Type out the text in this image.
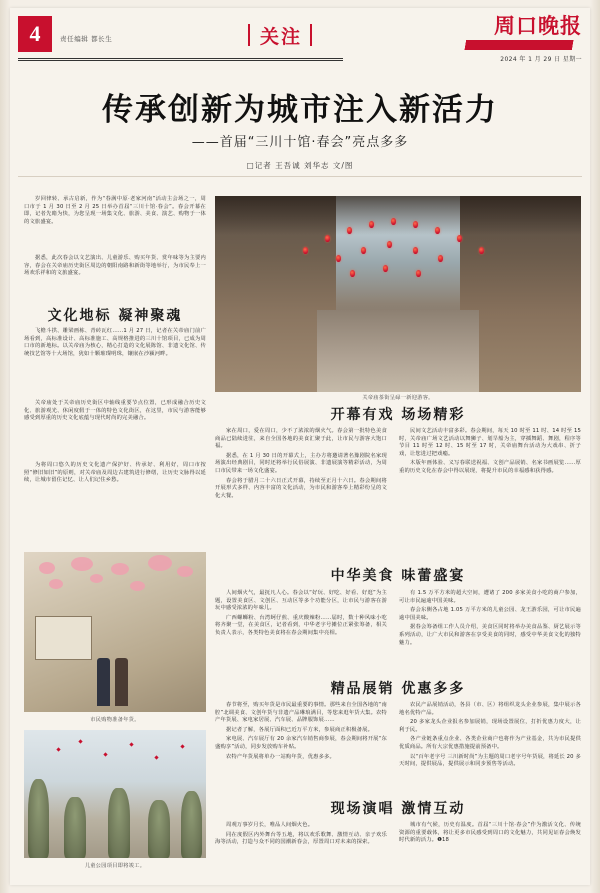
4	责任编辑 都长生	关注	周口晚报
2024 年 1 月 29 日 星期一
传承创新为城市注入新活力
——首届“三川十馆·春会”亮点多多
□记者 王吾诚 刘华志 文/图

岁回律转、承古启新，作为“春满中原·老家河南”活动主会场之一，周口市于 1 月 30 日至 2 月 25 日举办首届“三川十馆·春会”。春会开幕在即，记者先睹为快，为您呈现一场集文化、旅游、美食、演艺、购物于一体的文旅盛宴。

据悉，此次春会以文艺演出、儿童游乐、购买年货、赏年味等为主要内容，春会在关帝庙历史街区周边的朝阳南路和新街等地举行，为市民奉上一场欢乐祥和的文旅盛宴。

文化地标 凝神聚魂

飞檐斗拱、雕梁画栋、青砖瓦红……1 月 27 日，记者在关帝庙门前广场看到，高标准设计、高标准施工、高规格推进的三川十馆项目，已成为周口市的新地标。以关帝庙为核心，精心打造的文化展陈馆、非遗文化馆、传统技艺馆等十大场馆，犹如十颗璀璨明珠，镶嵌在沙颍河畔。

关帝庙处于关帝庙历史街区中轴线重要节点位置，已形成融合历史文化、旅游观光、休闲度假于一体的特色文化街区，在这里，市民与游客能够感受到厚重的历史文化底蕴与现代时尚的完美融合。

为将周口悠久的历史文化遗产保护好、传承好、利用好，周口市按照“修旧如旧”的原则，对关帝庙及周边古建筑进行修缮，让历史文脉得以延续，让城市留住记忆、让人们记住乡愁。

市民购物准备年货。
儿童公园项目即将竣工。
关帝庙茶街呈碌一新迎游客。
开幕有戏 场场精彩

家在周口，爱在周口，少不了浓浓的烟火气。春会第一批特色美食商品已陆续进驻，来自全国各地的美食汇聚于此，让市民与游客大饱口福。

据悉，在 1 月 30 日的开幕式上，主办方将邀请著名豫剧院名家现场演出经典剧目，同时还将举行民俗展演、非遗展演等精彩活动，为周口市民带来一场文化盛宴。

春会将于腊月二十六日正式开幕，持续至正月十六日。春会期间将开展形式多样、内容丰富的文化活动，为市民和游客奉上精彩纷呈的文化大餐。

民间文艺活动丰富多彩。春会期间，每天 10 时至 11 时、14 时至 15 时，关帝庙广场文艺活动以舞狮子、划旱船为主，穿插舞蹈、舞剧，程序等节目 11 时至 12 时、15 时至 17 时，关帝庙舞台活动为大戏串、折子戏，让您进过把戏瘾。

木版年画体验、义写春联送祝福、文创产品展销、名家书画展览……厚重的历史文化在春会中得以展现，将提升市民的幸福感和获得感。

中华美食 味蕾盛宴

人间烟火气，最抚凡人心。春会以“好玩、好吃、好看、好逛”为主题，设置美食区、文创区、互动区等多个功能分区，让市民与游客在游玩中感受浓浓的年味儿。

广西螺蛳粉、台湾蚵仔煎、重庆酸辣粉……届时，数十种风味小吃将齐聚一堂，在美食区，记者看到，中华老字号摊位正紧张筹备，相关负责人表示，各类特色美食将在春会期间集中亮相。

有 1.5 万平方米的超大空间，遭诸了 200 多家美食小吃的商户参加，可让市民遍逾中国美味。

春会东侧各占地 1.05 万平方米的儿童公园、龙王游乐园，可让市民遍逾中国美味。

据春会筹备组工作人员介绍，美食区同时将举办美食品鉴、厨艺展示等系列活动，让广大市民和游客在享受美食的同时，感受中华美食文化的独特魅力。

精品展销 优惠多多

春节将至，购买年货是市民最重要的事情。那些来自全国各地的“南腔”北调美食、文创年货与非遗产品琳琅满目，等您来逛年货大集。农特产年货展、家电家居展、汽车展、品牌服饰展……

据记者了解，各展厅面积已近万平方米，参展商正积极备展。

家电展、汽车展厅有 20 余家汽车销售商参展，春会期间将开展“东盛购享”活动，同步发放购车补贴。

农特产年货展将单办一站购年货，优惠多多。

农民产品展销活动，各县（市、区）将组织龙头企业参展，集中展示各地名优特产品。

20 多家龙头企业报名参加展销，现场设置展位，打折优惠力度大，让利于民。

各产业链条重点企业、各类企业商户也将作为产业基金，共为市民提供优质商品。所有大宗优惠措施提前预备中。

以“百年老字号 三川新时尚”为主题的周口老字号年货展，将延长 20 多天时间，提供展品，提供展示和同步预售等活动。

现场演唱 激情互动

周观万事岁月长，唯品人间烟火色。

同在度假区内外舞台等五地，将以欢乐歌舞、激情互动、亲子欢乐海等活动，打造与众不同的国潮新春会，厚置周口对未来的探索。

城市有气候，历史有温度。首届“三川十馆·春会”作为激活文化、传统资源的重要载体，将让更多市民感受到周口的文化魅力，共同见证春会焕发时代新的活力。❶18
